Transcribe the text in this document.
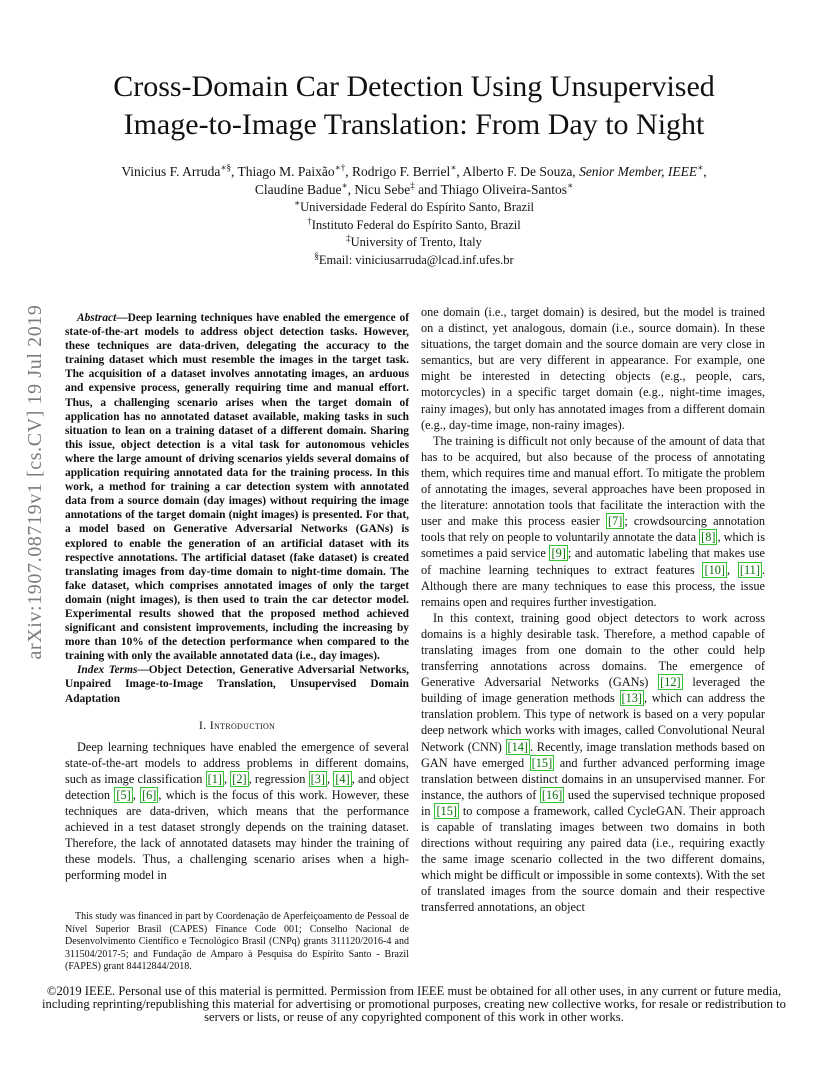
Cross-Domain Car Detection Using Unsupervised
Image-to-Image Translation: From Day to Night
Vinicius F. Arruda∗§, Thiago M. Paixão∗†, Rodrigo F. Berriel∗, Alberto F. De Souza, Senior Member, IEEE∗,
Claudine Badue∗, Nicu Sebe‡ and Thiago Oliveira-Santos∗
∗Universidade Federal do Espírito Santo, Brazil
†Instituto Federal do Espírito Santo, Brazil
‡University of Trento, Italy
§Email: viniciusarruda@lcad.inf.ufes.br
arXiv:1907.08719v1 [cs.CV] 19 Jul 2019	Abstract—Deep learning techniques have enabled the emergence of state-of-the-art models to address object detection tasks. However, these techniques are data-driven, delegating the accuracy to the training dataset which must resemble the images in the target task. The acquisition of a dataset involves annotating images, an arduous and expensive process, generally requiring time and manual effort. Thus, a challenging scenario arises when the target domain of application has no annotated dataset available, making tasks in such situation to lean on a training dataset of a different domain. Sharing this issue, object detection is a vital task for autonomous vehicles where the large amount of driving scenarios yields several domains of application requiring annotated data for the training process. In this work, a method for training a car detection system with annotated data from a source domain (day images) without requiring the image annotations of the target domain (night images) is presented. For that, a model based on Generative Adversarial Networks (GANs) is explored to enable the generation of an artificial dataset with its respective annotations. The artificial dataset (fake dataset) is created translating images from day-time domain to night-time domain. The fake dataset, which comprises annotated images of only the target domain (night images), is then used to train the car detector model. Experimental results showed that the proposed method achieved significant and consistent improvements, including the increasing by more than 10% of the detection performance when compared to the training with only the available annotated data (i.e., day images).

Index Terms—Object Detection, Generative Adversarial Networks, Unpaired Image-to-Image Translation, Unsupervised Domain Adaptation

I. Introduction

Deep learning techniques have enabled the emergence of several state-of-the-art models to address problems in different domains, such as image classification [1] , [2] , regression [3] , [4] , and object detection [5] , [6] , which is the focus of this work. However, these techniques are data-driven, which means that the performance achieved in a test dataset strongly depends on the training dataset. Therefore, the lack of annotated datasets may hinder the training of these models. Thus, a challenging scenario arises when a high-performing model in

This study was financed in part by Coordenação de Aperfeiçoamento de Pessoal de Nível Superior Brasil (CAPES) Finance Code 001; Conselho Nacional de Desenvolvimento Científico e Tecnológico Brasil (CNPq) grants 311120/2016-4 and 311504/2017-5; and Fundação de Amparo à Pesquisa do Espírito Santo - Brazil (FAPES) grant 84412844/2018.

one domain (i.e., target domain) is desired, but the model is trained on a distinct, yet analogous, domain (i.e., source domain). In these situations, the target domain and the source domain are very close in semantics, but are very different in appearance. For example, one might be interested in detecting objects (e.g., people, cars, motorcycles) in a specific target domain (e.g., night-time images, rainy images), but only has annotated images from a different domain (e.g., day-time image, non-rainy images).

The training is difficult not only because of the amount of data that has to be acquired, but also because of the process of annotating them, which requires time and manual effort. To mitigate the problem of annotating the images, several approaches have been proposed in the literature: annotation tools that facilitate the interaction with the user and make this process easier [7] ; crowdsourcing annotation tools that rely on people to voluntarily annotate the data [8] , which is sometimes a paid service [9] ; and automatic labeling that makes use of machine learning techniques to extract features [10] , [11] . Although there are many techniques to ease this process, the issue remains open and requires further investigation.

In this context, training good object detectors to work across domains is a highly desirable task. Therefore, a method capable of translating images from one domain to the other could help transferring annotations across domains. The emergence of Generative Adversarial Networks (GANs) [12] leveraged the building of image generation methods [13] , which can address the translation problem. This type of network is based on a very popular deep network which works with images, called Convolutional Neural Network (CNN) [14] . Recently, image translation methods based on GAN have emerged [15] and further advanced performing image translation between distinct domains in an unsupervised manner. For instance, the authors of [16] used the supervised technique proposed in [15] to compose a framework, called CycleGAN. Their approach is capable of translating images between two domains in both directions without requiring any paired data (i.e., requiring exactly the same image scenario collected in the two different domains, which might be difficult or impossible in some contexts). With the set of translated images from the source domain and their respective transferred annotations, an object

©2019 IEEE. Personal use of this material is permitted. Permission from IEEE must be obtained for all other uses, in any current or future media, including reprinting/republishing this material for advertising or promotional purposes, creating new collective works, for resale or redistribution to servers or lists, or reuse of any copyrighted component of this work in other works.
